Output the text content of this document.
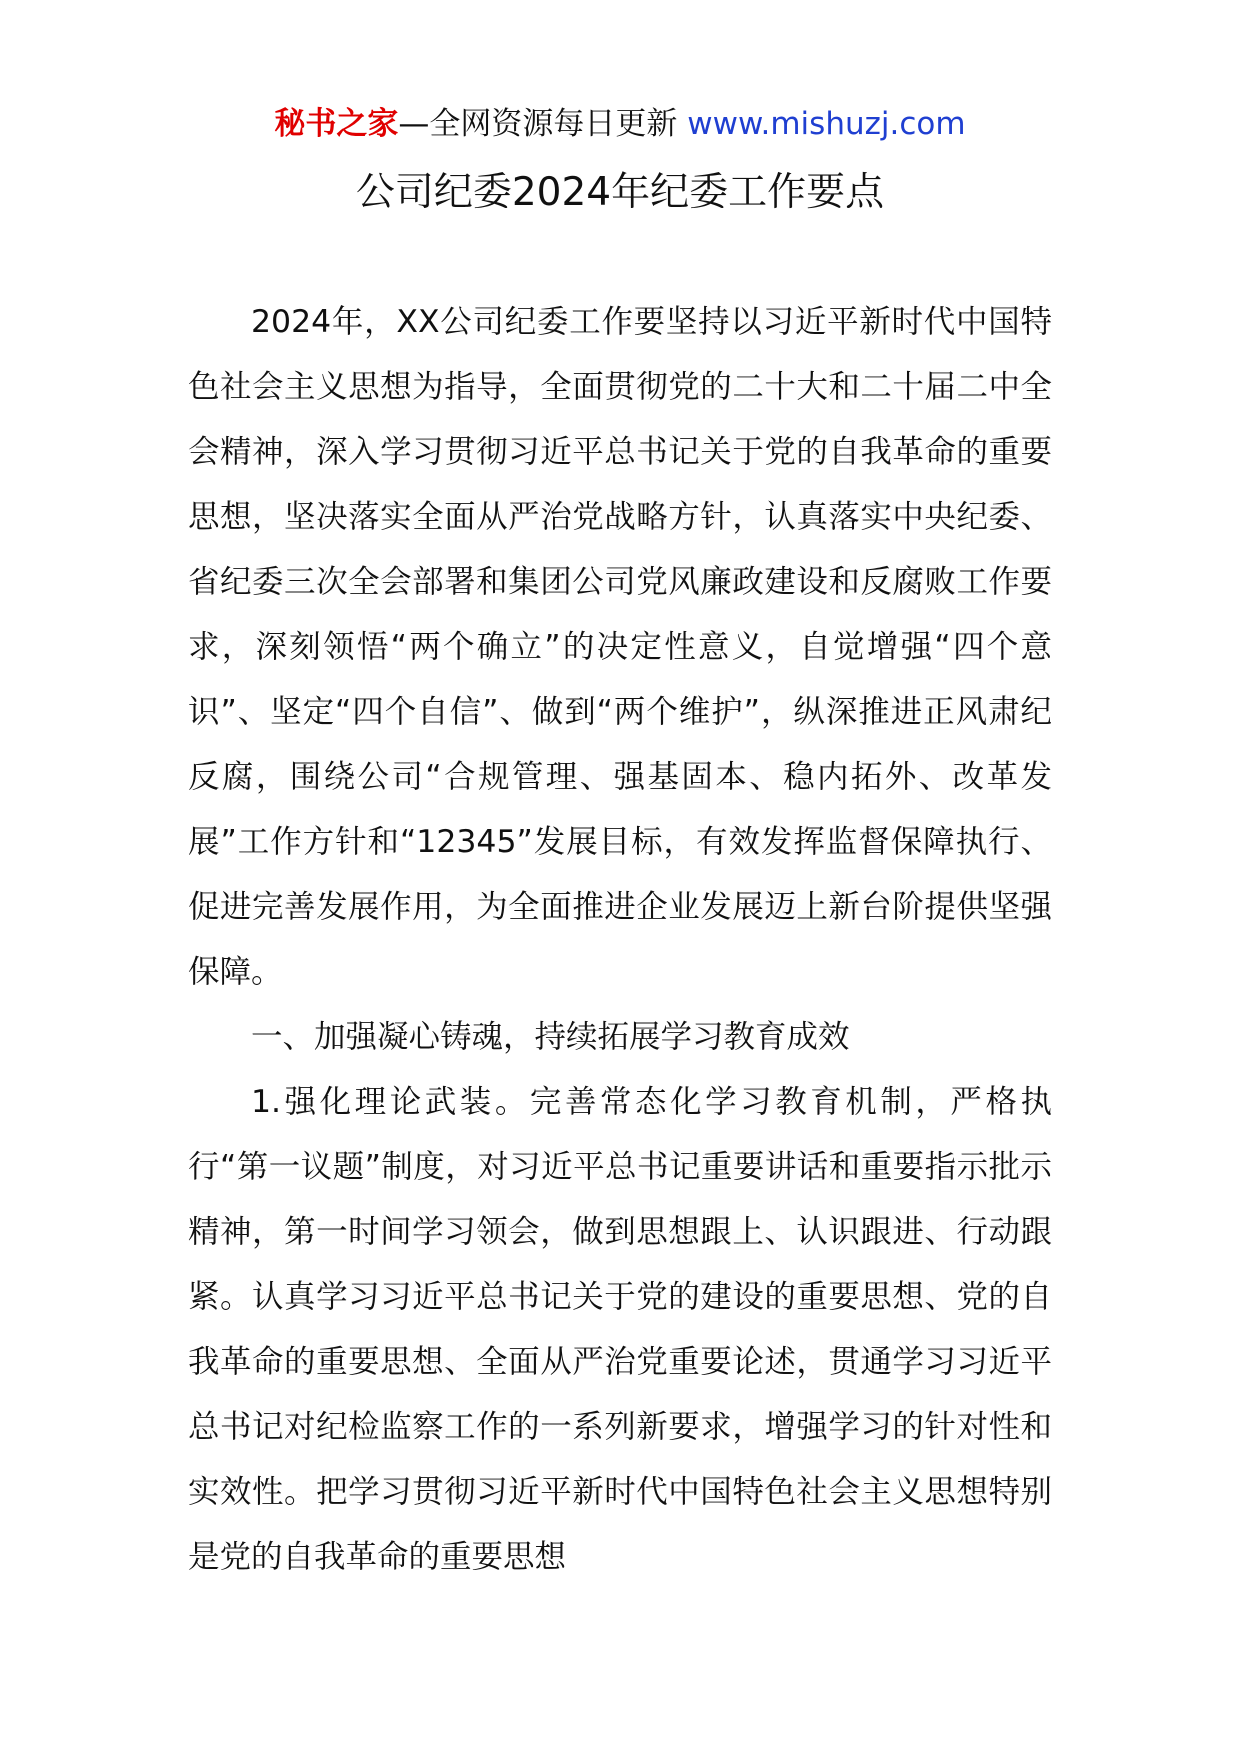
秘书之家—全网资源每日更新 www.mishuzj.com
公司纪委2024年纪委工作要点

2024年，XX公司纪委工作要坚持以习近平新时代中国特色社会主义思想为指导，全面贯彻党的二十大和二十届二中全会精神，深入学习贯彻习近平总书记关于党的自我革命的重要思想，坚决落实全面从严治党战略方针，认真落实中央纪委、省纪委三次全会部署和集团公司党风廉政建设和反腐败工作要求，深刻领悟“两个确立”的决定性意义，自觉增强“四个意识”、坚定“四个自信”、做到“两个维护”，纵深推进正风肃纪反腐，围绕公司“合规管理、强基固本、稳内拓外、改革发展”工作方针和“12345”发展目标，有效发挥监督保障执行、促进完善发展作用，为全面推进企业发展迈上新台阶提供坚强保障。

一、加强凝心铸魂，持续拓展学习教育成效

1.强化理论武装。完善常态化学习教育机制，严格执行“第一议题”制度，对习近平总书记重要讲话和重要指示批示精神，第一时间学习领会，做到思想跟上、认识跟进、行动跟紧。认真学习习近平总书记关于党的建设的重要思想、党的自我革命的重要思想、全面从严治党重要论述，贯通学习习近平总书记对纪检监察工作的一系列新要求，增强学习的针对性和实效性。把学习贯彻习近平新时代中国特色社会主义思想特别是党的自我革命的重要思想
